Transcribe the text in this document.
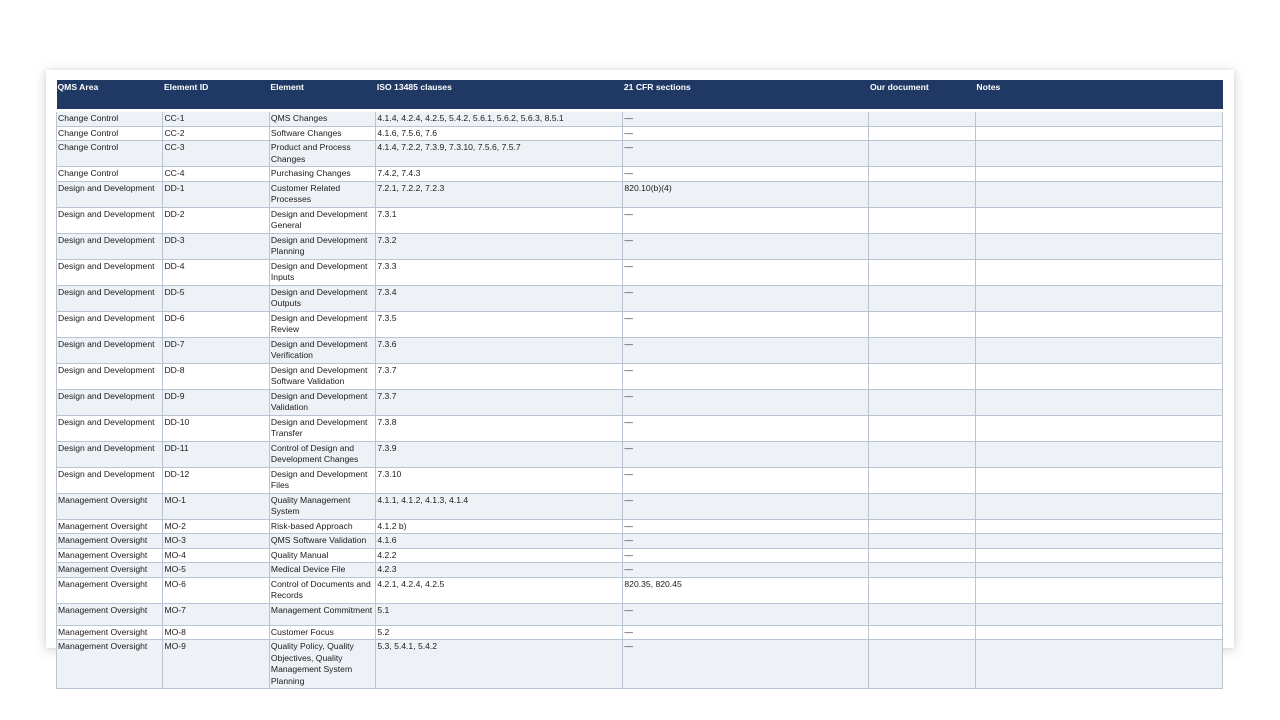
QMS Area	Element ID	Element	ISO 13485 clauses	21 CFR sections	Our document	Notes
Change Control	CC-1	QMS Changes	4.1.4, 4.2.4, 4.2.5, 5.4.2, 5.6.1, 5.6.2, 5.6.3, 8.5.1	—		
Change Control	CC-2	Software Changes	4.1.6, 7.5.6, 7.6	—		
Change Control	CC-3	Product and Process Changes	4.1.4, 7.2.2, 7.3.9, 7.3.10, 7.5.6, 7.5.7	—		
Change Control	CC-4	Purchasing Changes	7.4.2, 7.4.3	—		
Design and Development	DD-1	Customer Related Processes	7.2.1, 7.2.2, 7.2.3	820.10(b)(4)		
Design and Development	DD-2	Design and Development General	7.3.1	—		
Design and Development	DD-3	Design and Development Planning	7.3.2	—		
Design and Development	DD-4	Design and Development Inputs	7.3.3	—		
Design and Development	DD-5	Design and Development Outputs	7.3.4	—		
Design and Development	DD-6	Design and Development Review	7.3.5	—		
Design and Development	DD-7	Design and Development Verification	7.3.6	—		
Design and Development	DD-8	Design and Development Software Validation	7.3.7	—		
Design and Development	DD-9	Design and Development Validation	7.3.7	—		
Design and Development	DD-10	Design and Development Transfer	7.3.8	—		
Design and Development	DD-11	Control of Design and Development Changes	7.3.9	—		
Design and Development	DD-12	Design and Development Files	7.3.10	—		
Management Oversight	MO-1	Quality Management System	4.1.1, 4.1.2, 4.1.3, 4.1.4	—		
Management Oversight	MO-2	Risk-based Approach	4.1.2 b)	—		
Management Oversight	MO-3	QMS Software Validation	4.1.6	—		
Management Oversight	MO-4	Quality Manual	4.2.2	—		
Management Oversight	MO-5	Medical Device File	4.2.3	—		
Management Oversight	MO-6	Control of Documents and Records	4.2.1, 4.2.4, 4.2.5	820.35, 820.45		
Management Oversight	MO-7	Management Commitment	5.1	—		
Management Oversight	MO-8	Customer Focus	5.2	—		
Management Oversight	MO-9	Quality Policy, Quality Objectives, Quality Management System Planning	5.3, 5.4.1, 5.4.2	—		
